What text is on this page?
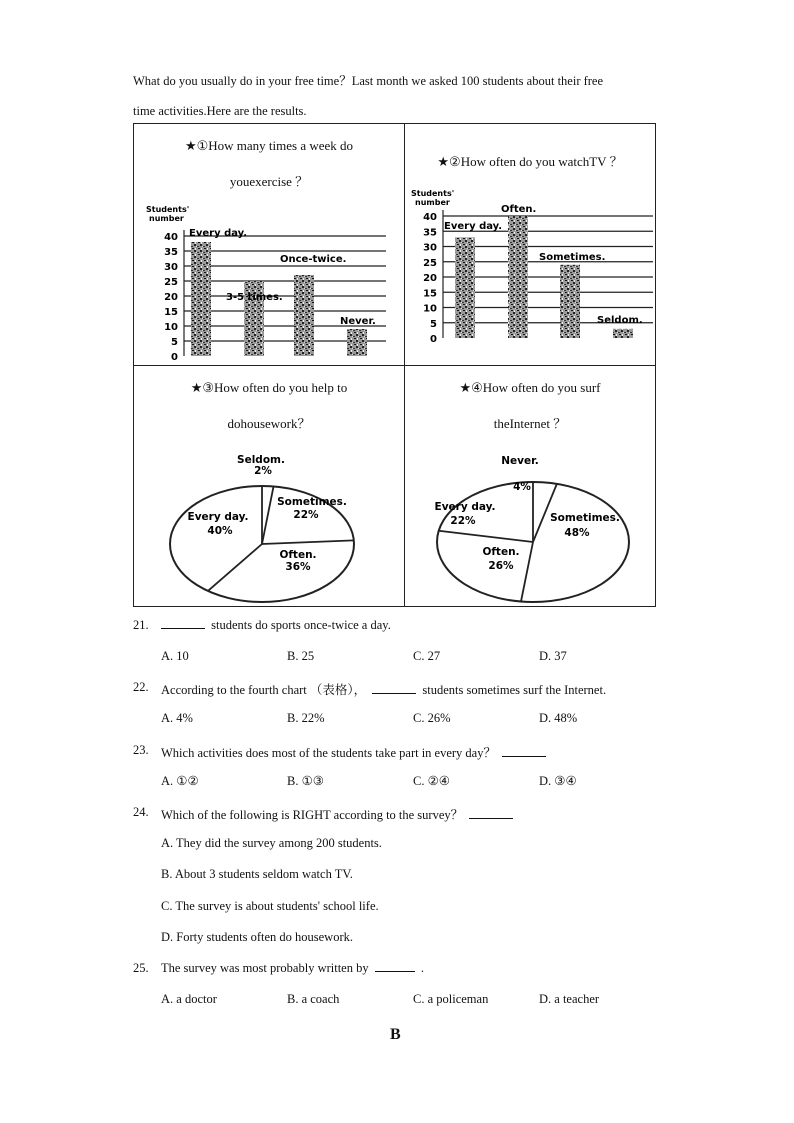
What do you usually do in your free time？Last month we asked 100 students about their free
time activities.Here are the results.
★①How many times a week do
youexercise ？
Students'
number
0
5
10
15
20
25
30
35
40 Every day.
3-5 times.
Once-twice.
Never.
★②How often do you watchTV ？
Students'
number
0
5
10
15
20
25
30
35
40
Every day.
Often.
Sometimes.
Seldom.
★③How often do you help to
dohousework？
Seldom.
2%
Sometimes.
22%
Often.
36%
Every day.
40%
★④How often do you surf
theInternet ？
Never.
4%
Sometimes.
48%
Often.
26%
Every day.
22%
21.	students do sports once-twice a day.
A. 10	B. 25	C. 27	D. 37
22. According to the fourth chart （表格），	students sometimes surf the Internet.
A. 4%	B. 22%	C. 26%	D. 48%
23. Which activities does most of the students take part in every day？
A. ①②	B. ①③	C. ②④	D. ③④
24. Which of the following is RIGHT according to the survey？
A. They did the survey among 200 students.
B. About 3 students seldom watch TV.
C. The survey is about students' school life.
D. Forty students often do housework.
25. The survey was most probably written by	.
A. a doctor	B. a coach	C. a policeman	D. a teacher
B
